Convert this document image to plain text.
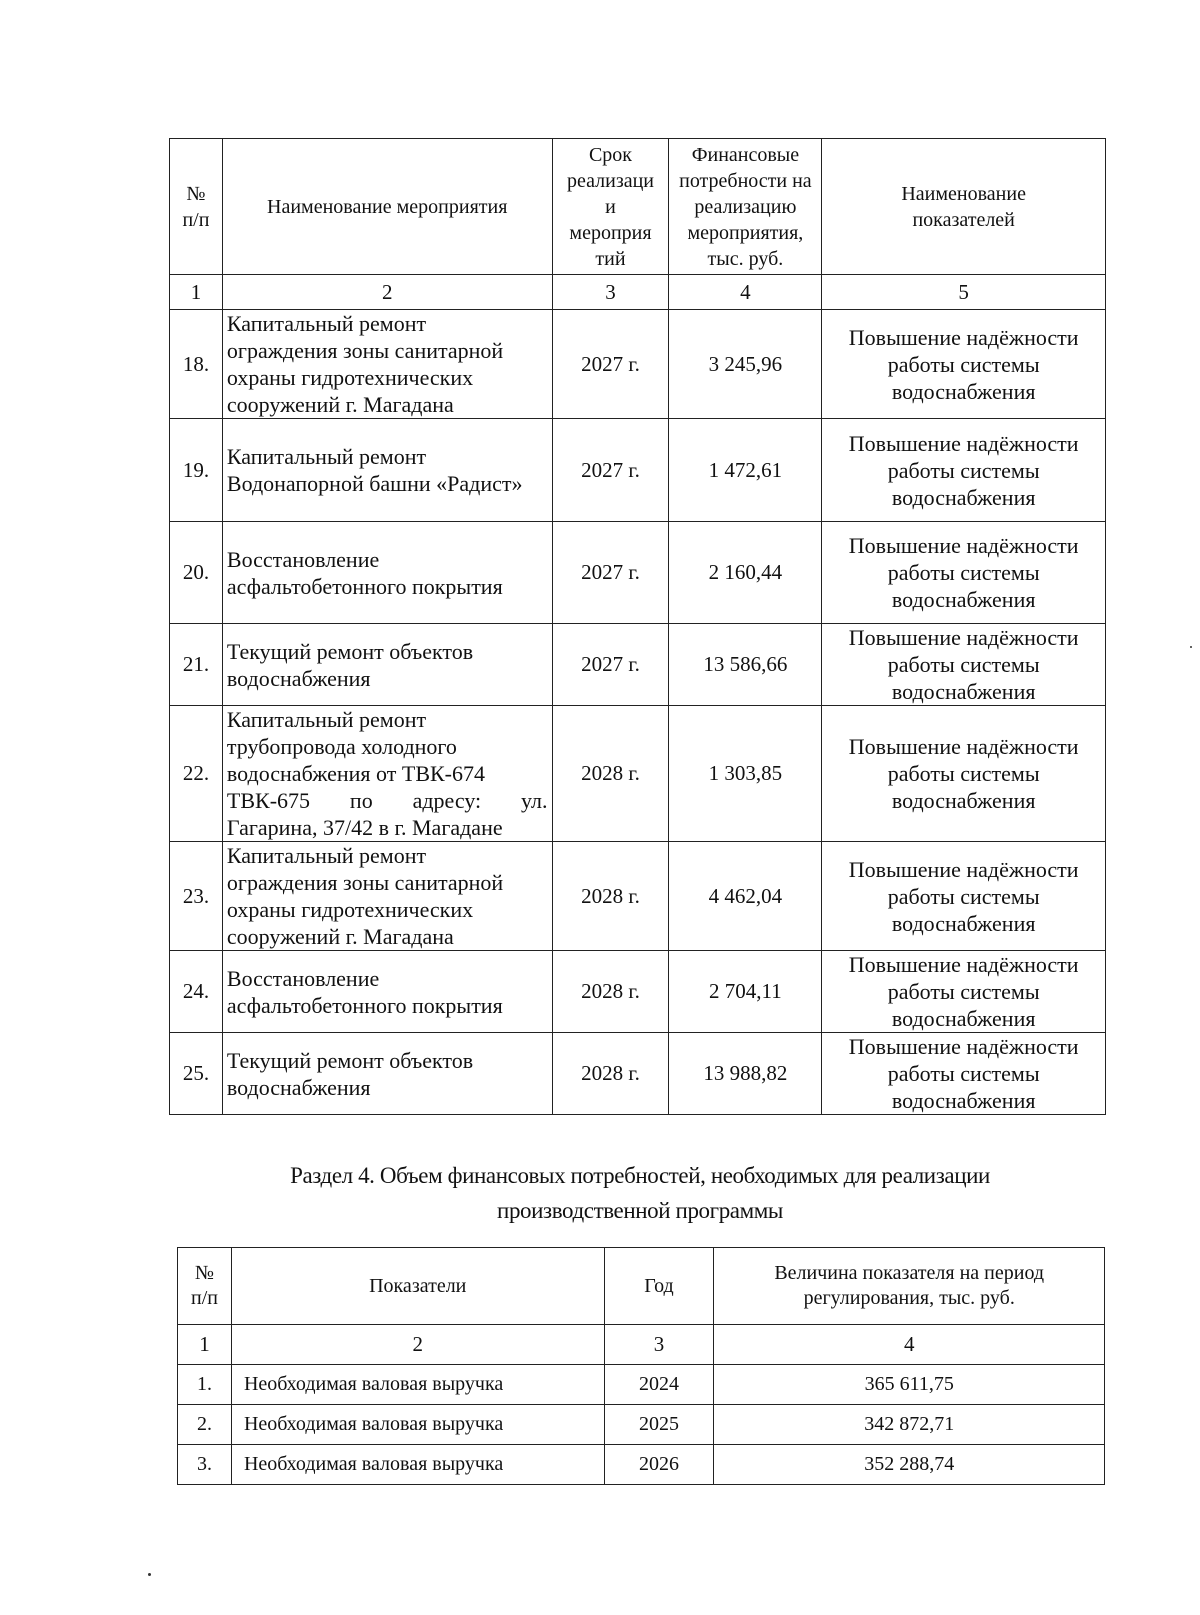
№
п/п	Наименование мероприятия	Срок
реализаци
и
мероприя
тий	Финансовые
потребности на
реализацию
мероприятия,
тыс. руб.	Наименование
показателей
1	2	3	4	5
18.	Капитальный ремонт
ограждения зоны санитарной
охраны гидротехнических
сооружений г. Магадана	2027 г.	3 245,96	Повышение надёжности
работы системы
водоснабжения
19.	Капитальный ремонт
Водонапорной башни «Радист»	2027 г.	1 472,61	Повышение надёжности
работы системы
водоснабжения
20.	Восстановление
асфальтобетонного покрытия	2027 г.	2 160,44	Повышение надёжности
работы системы
водоснабжения
21.	Текущий ремонт объектов
водоснабжения	2027 г.	13 586,66	Повышение надёжности
работы системы
водоснабжения
22.	Капитальный ремонт
трубопровода холодного
водоснабжения от ТВК-674

ТВК-675 по адресу: ул.
Гагарина, 37/42 в г. Магадане	2028 г.	1 303,85	Повышение надёжности
работы системы
водоснабжения
23.	Капитальный ремонт
ограждения зоны санитарной
охраны гидротехнических
сооружений г. Магадана	2028 г.	4 462,04	Повышение надёжности
работы системы
водоснабжения
24.	Восстановление
асфальтобетонного покрытия	2028 г.	2 704,11	Повышение надёжности
работы системы
водоснабжения
25.	Текущий ремонт объектов
водоснабжения	2028 г.	13 988,82	Повышение надёжности
работы системы
водоснабжения
Раздел 4. Объем финансовых потребностей, необходимых для реализации
производственной программы
№
п/п	Показатели	Год	Величина показателя на период
регулирования, тыс. руб.
1	2	3	4
1.	Необходимая валовая выручка	2024	365 611,75
2.	Необходимая валовая выручка	2025	342 872,71
3.	Необходимая валовая выручка	2026	352 288,74
